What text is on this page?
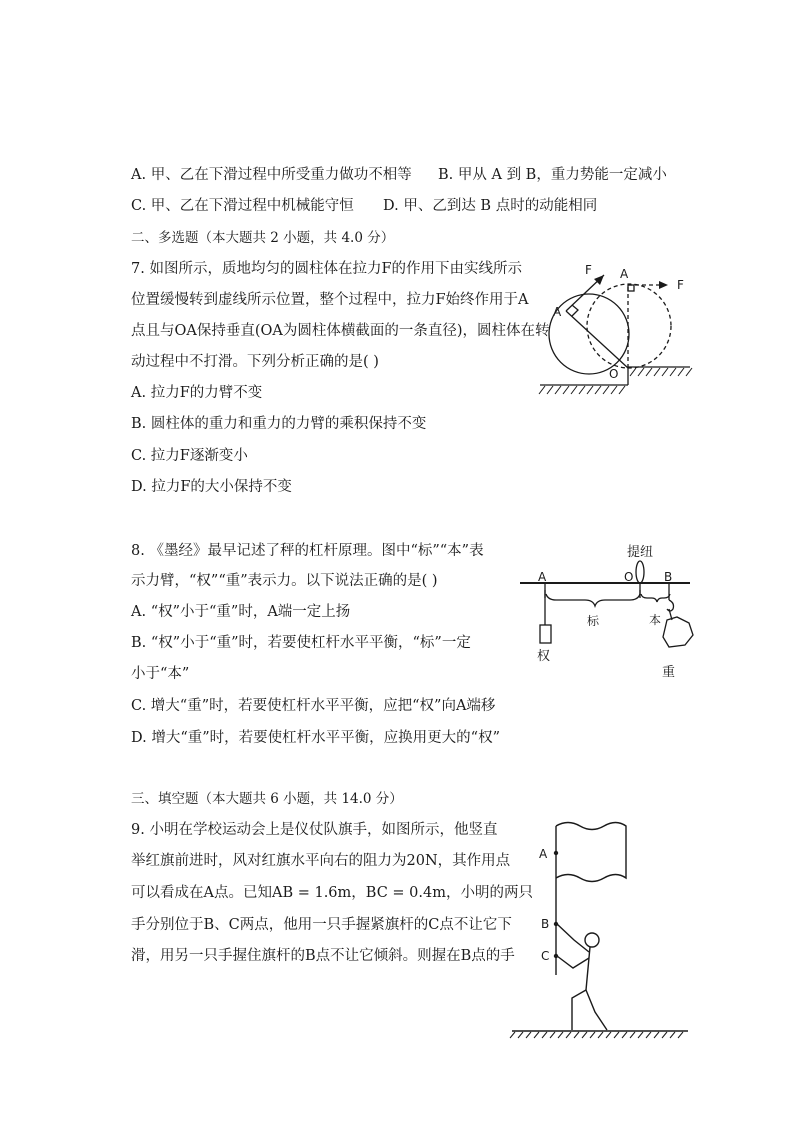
A. 甲、乙在下滑过程中所受重力做功不相等 B. 甲从 A 到 B，重力势能一定减小
C. 甲、乙在下滑过程中机械能守恒 D. 甲、乙到达 B 点时的动能相同
二、多选题（本大题共 2 小题，共 4.0 分）
7. 如图所示，质地均匀的圆柱体在拉力F的作用下由实线所示
位置缓慢转到虚线所示位置，整个过程中，拉力F始终作用于A
点且与OA保持垂直(OA为圆柱体横截面的一条直径)，圆柱体在转
动过程中不打滑。下列分析正确的是( )
A. 拉力F的力臂不变
B. 圆柱体的重力和重力的力臂的乘积保持不变
C. 拉力F逐渐变小
D. 拉力F的大小保持不变
F
A
A
F
O
8. 《墨经》最早记述了秤的杠杆原理。图中“标”“本”表
示力臂，“权”“重”表示力。以下说法正确的是( )
A. “权”小于“重”时，A端一定上扬
B. “权”小于“重”时，若要使杠杆水平平衡，“标”一定
小于“本”
C. 增大“重”时，若要使杠杆水平平衡，应把“权”向A端移
D. 增大“重”时，若要使杠杆水平平衡，应换用更大的“权”
提纽
A	O	B
标	本
权
重
三、填空题（本大题共 6 小题，共 14.0 分）
9. 小明在学校运动会上是仪仗队旗手，如图所示，他竖直
举红旗前进时，风对红旗水平向右的阻力为20N，其作用点
可以看成在A点。已知AB = 1.6m，BC = 0.4m，小明的两只
手分别位于B、C两点，他用一只手握紧旗杆的C点不让它下
滑，用另一只手握住旗杆的B点不让它倾斜。则握在B点的手
A
B
C
